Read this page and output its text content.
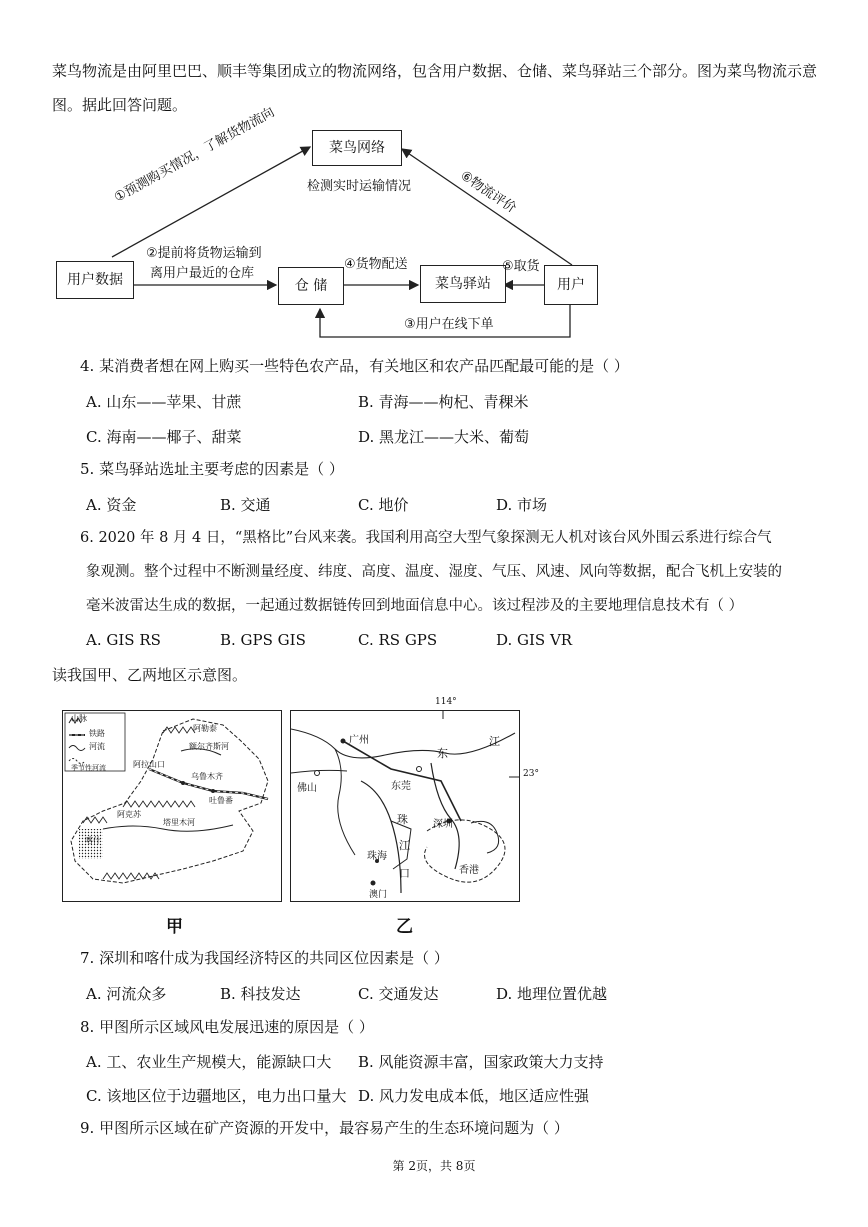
菜鸟物流是由阿里巴巴、顺丰等集团成立的物流网络，包含用户数据、仓储、菜鸟驿站三个部分。图为菜鸟物流示意图。据此回答问题。
菜鸟网络
检测实时运输情况
用户数据	仓 储	菜鸟驿站	用户
①预测购买情况，了解货物流向
②提前将货物运输到
离用户最近的仓库
④货物配送	⑤取货
③用户在线下单
⑥物流评价
4. 某消费者想在网上购买一些特色农产品，有关地区和农产品匹配最可能的是（ ）
A. 山东——苹果、甘蔗	B. 青海——枸杞、青稞米
C. 海南——椰子、甜菜	D. 黑龙江——大米、葡萄
5. 菜鸟驿站选址主要考虑的因素是（ ）
A. 资金	B. 交通	C. 地价	D. 市场
6. 2020 年 8 月 4 日，“黑格比”台风来袭。我国利用高空大型气象探测无人机对该台风外围云系进行综合气
象观测。整个过程中不断测量经度、纬度、高度、温度、湿度、气压、风速、风向等数据，配合飞机上安装的
毫米波雷达生成的数据，一起通过数据链传回到地面信息中心。该过程涉及的主要地理信息技术有（ ）
A. GIS RS	B. GPS GIS	C. RS GPS	D. GIS VR
读我国甲、乙两地区示意图。
山脉
铁路
河流
季节性河流
阿勒泰
额尔齐斯河
阿拉山口
乌鲁木齐
吐鲁番
阿克苏
塔里木河
喀什
甲
114°
23°
广州
东
江
佛山	东莞
珠	深圳
江
珠海
口	香港
澳门
乙
7. 深圳和喀什成为我国经济特区的共同区位因素是（ ）
A. 河流众多	B. 科技发达	C. 交通发达	D. 地理位置优越
8. 甲图所示区域风电发展迅速的原因是（ ）
A. 工、农业生产规模大，能源缺口大 B. 风能资源丰富，国家政策大力支持
C. 该地区位于边疆地区，电力出口量大 D. 风力发电成本低，地区适应性强
9. 甲图所示区域在矿产资源的开发中，最容易产生的生态环境问题为（ ）
第 2页，共 8页
